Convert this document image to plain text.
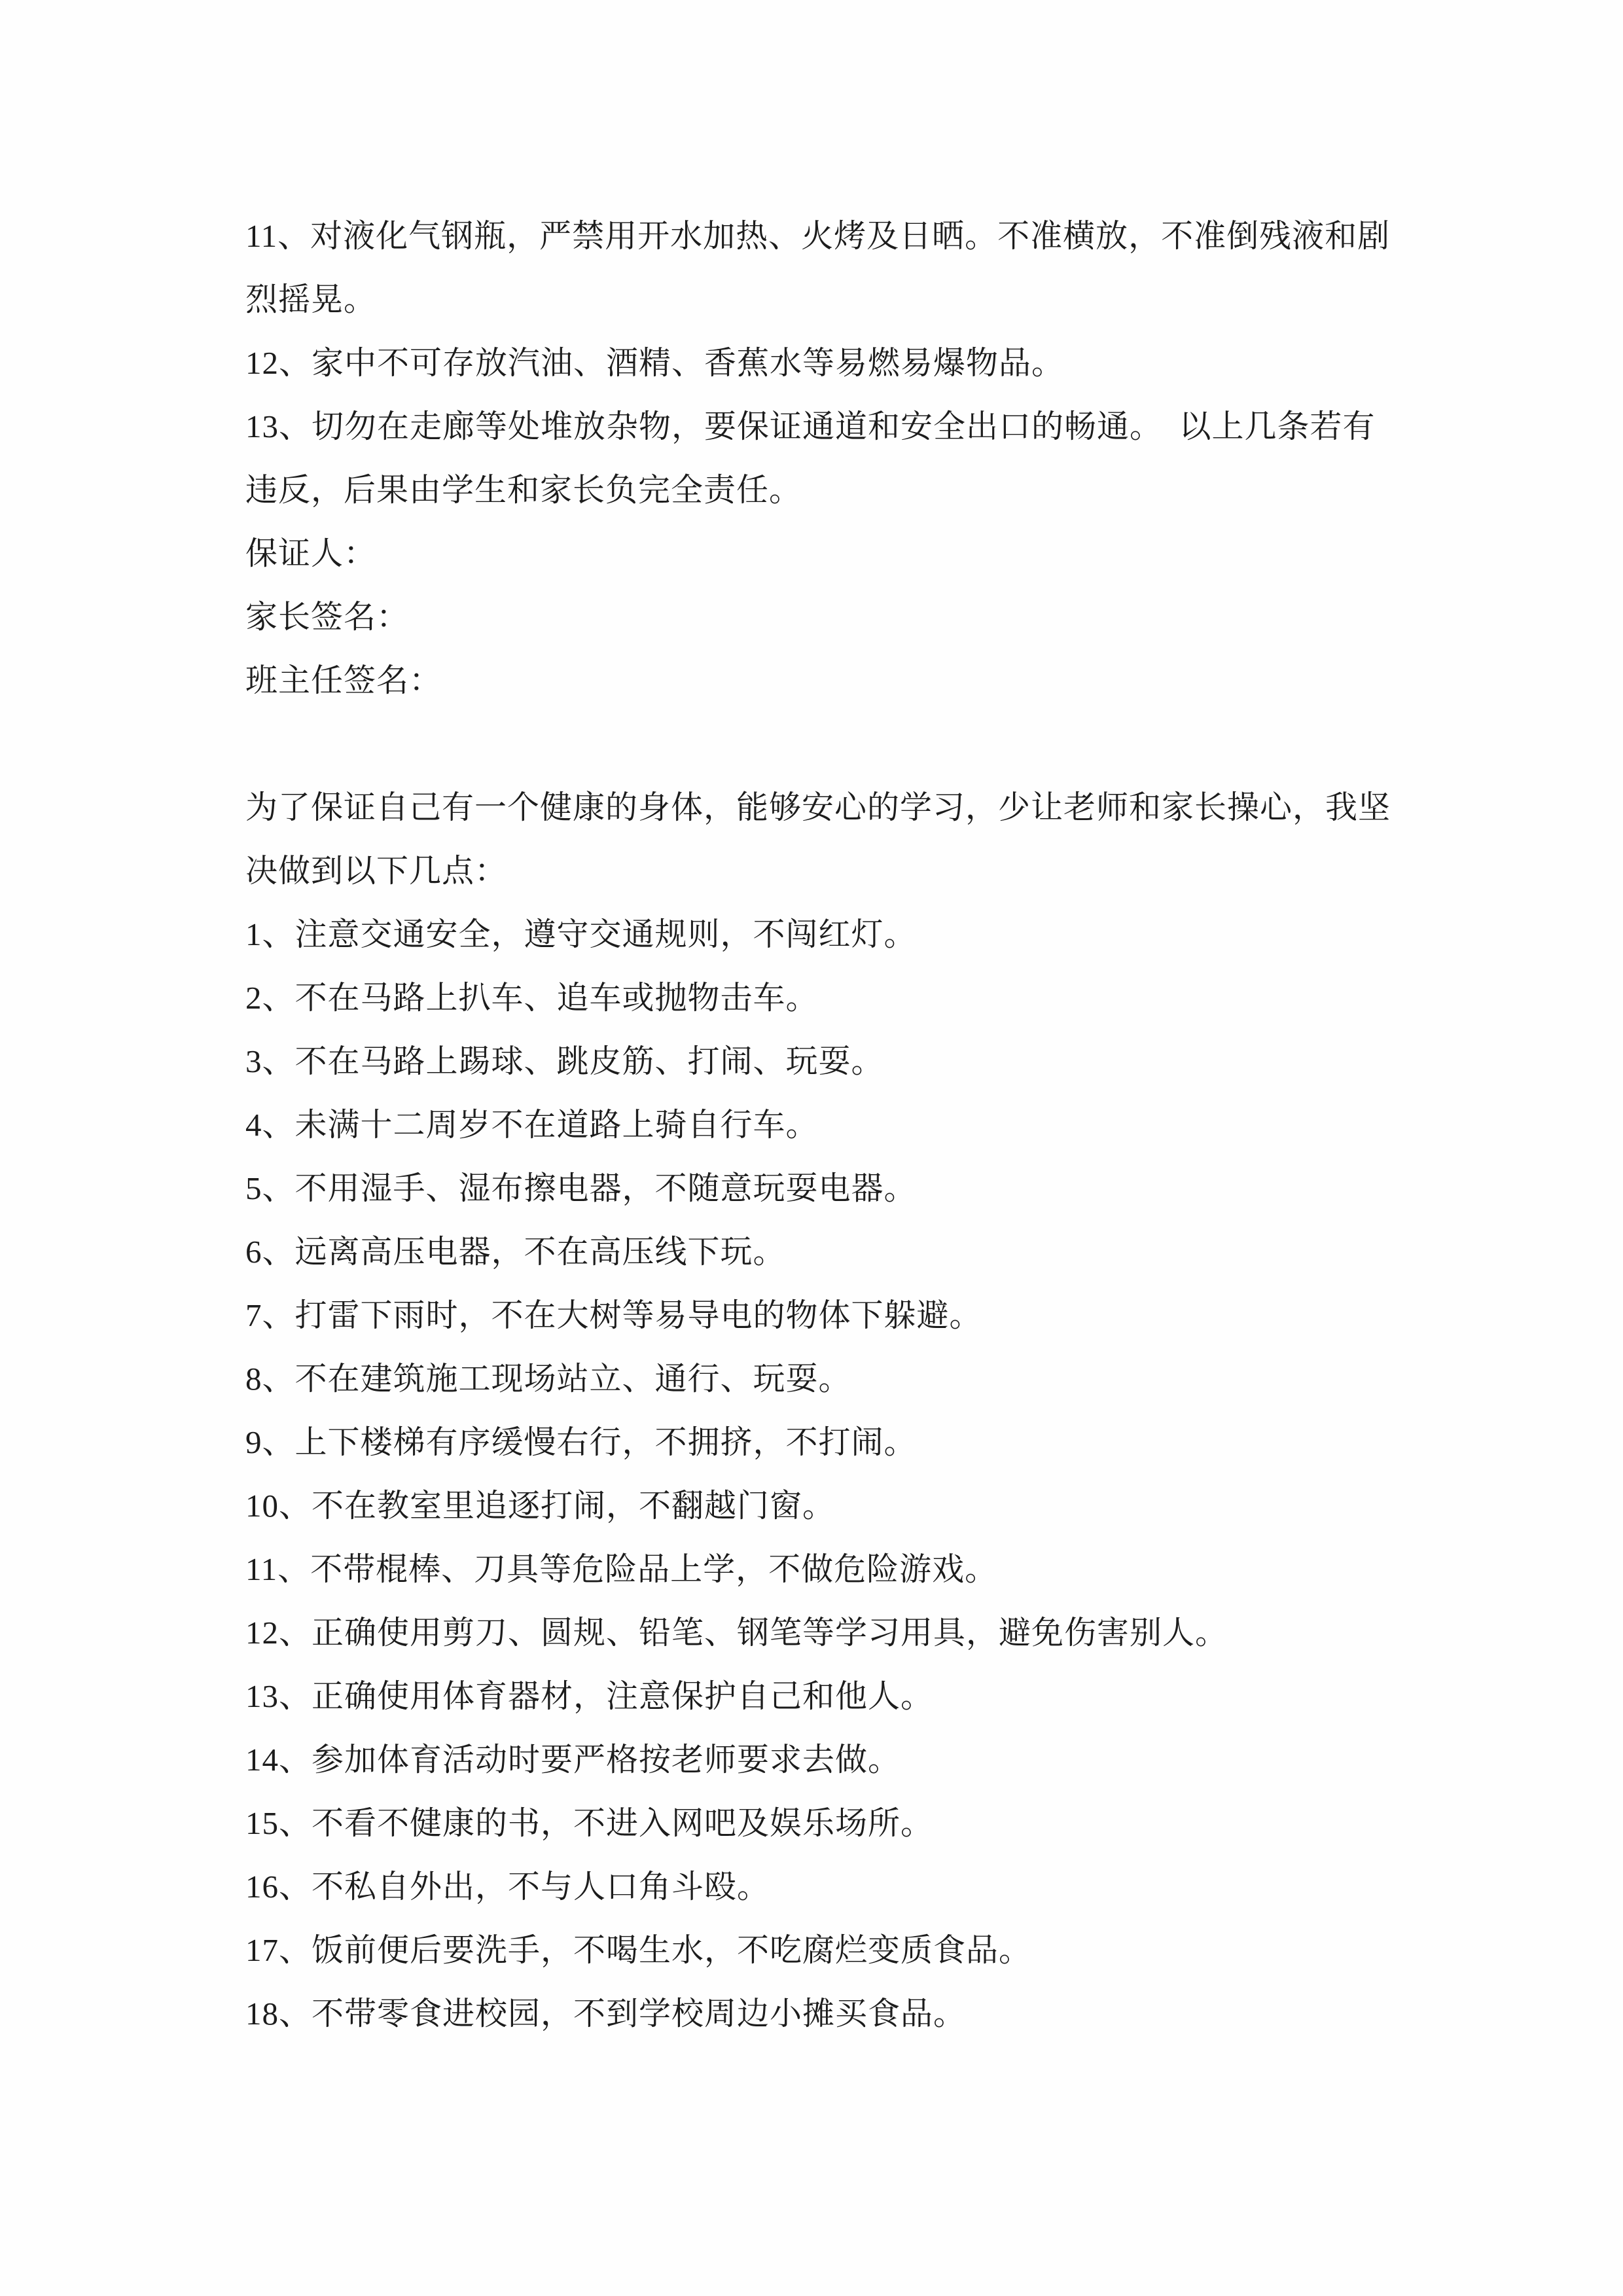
11、对液化气钢瓶，严禁用开水加热、火烤及日晒。不准横放，不准倒残液和剧
烈摇晃。
12、家中不可存放汽油、酒精、香蕉水等易燃易爆物品。
13、切勿在走廊等处堆放杂物，要保证通道和安全出口的畅通。　以上几条若有
违反，后果由学生和家长负完全责任。
保证人：
家长签名：
班主任签名：
为了保证自己有一个健康的身体，能够安心的学习，少让老师和家长操心，我坚
决做到以下几点：
1、注意交通安全，遵守交通规则，不闯红灯。
2、不在马路上扒车、追车或抛物击车。
3、不在马路上踢球、跳皮筋、打闹、玩耍。
4、未满十二周岁不在道路上骑自行车。
5、不用湿手、湿布擦电器，不随意玩耍电器。
6、远离高压电器，不在高压线下玩。
7、打雷下雨时，不在大树等易导电的物体下躲避。
8、不在建筑施工现场站立、通行、玩耍。
9、上下楼梯有序缓慢右行，不拥挤，不打闹。
10、不在教室里追逐打闹，不翻越门窗。
11、不带棍棒、刀具等危险品上学，不做危险游戏。
12、正确使用剪刀、圆规、铅笔、钢笔等学习用具，避免伤害别人。
13、正确使用体育器材，注意保护自己和他人。
14、参加体育活动时要严格按老师要求去做。
15、不看不健康的书，不进入网吧及娱乐场所。
16、不私自外出，不与人口角斗殴。
17、饭前便后要洗手，不喝生水，不吃腐烂变质食品。
18、不带零食进校园，不到学校周边小摊买食品。
